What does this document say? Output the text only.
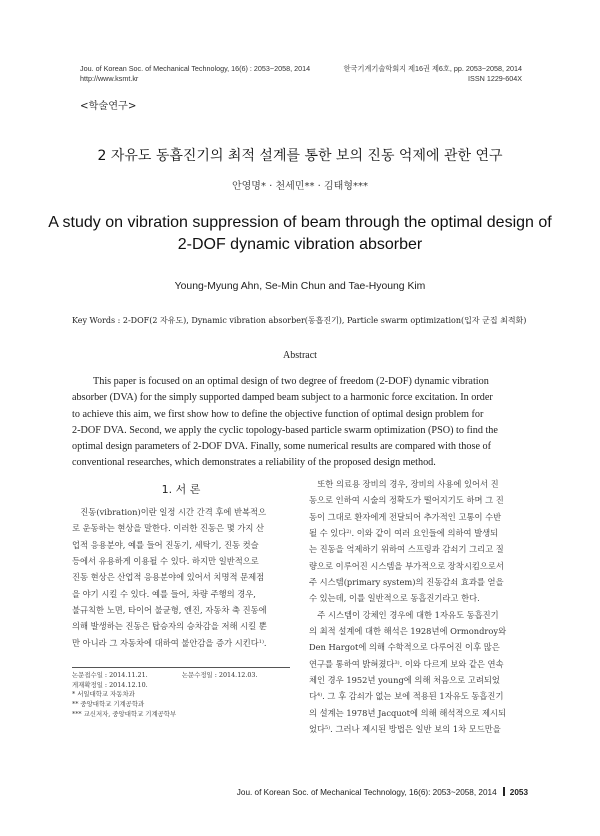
Jou. of Korean Soc. of Mechanical Technology, 16(6) : 2053~2058, 2014
http://www.ksmt.kr
한국기계기술학회지 제16권 제6호, pp. 2053~2058, 2014
ISSN 1229-604X
<학술연구>
2 자유도 동흡진기의 최적 설계를 통한 보의 진동 억제에 관한 연구
안영명* · 천세민** · 김태형***
A study on vibration suppression of beam through the optimal design of
2-DOF dynamic vibration absorber
Young-Myung Ahn, Se-Min Chun and Tae-Hyoung Kim
Key Words : 2-DOF(2 자유도), Dynamic vibration absorber(동흡진기), Particle swarm optimization(입자 군집 최적화)
Abstract
This paper is focused on an optimal design of two degree of freedom (2-DOF) dynamic vibration
absorber (DVA) for the simply supported damped beam subject to a harmonic force excitation. In order
to achieve this aim, we first show how to define the objective function of optimal design problem for
2-DOF DVA. Second, we apply the cyclic topology-based particle swarm optimization (PSO) to find the
optimal design parameters of 2-DOF DVA. Finally, some numerical results are compared with those of
conventional researches, which demonstrates a reliability of the proposed design method.
1. 서 론
진동(vibration)이란 일정 시간 간격 후에 반복적으
로 운동하는 현상을 말한다. 이러한 진동은 몇 가지 산
업적 응용분야, 예를 들어 진동기, 세탁기, 진동 컷슬
등에서 유용하게 이용될 수 있다. 하지만 일반적으로
진동 현상은 산업적 응용분야에 있어서 치명적 문제점
을 야기 시킬 수 있다. 예를 들어, 차량 주행의 경우,
불규칙한 노면, 타이어 불균형, 엔진, 자동차 축 진동에
의해 발생하는 진동은 탑승자의 승차감을 저해 시킬 뿐
만 아니라 그 자동차에 대하여 불안감을 증가 시킨다$^{1)}$.
논문접수일 : 2014.11.21.	논문수정일 : 2014.12.03.
게재확정일 : 2014.12.10.
* 서일대학교 자동차과
** 중앙대학교 기계공학과
*** 교신저자, 중앙대학교 기계공학부
또한 의료용 장비의 경우, 장비의 사용에 있어서 진
동으로 인하여 시술의 정확도가 떨어지기도 하며 그 진
동이 그대로 환자에게 전달되어 추가적인 고통이 수반
될 수 있다$^{2)}$. 이와 같이 여러 요인들에 의하여 발생되
는 진동을 억제하기 위하여 스프링과 감쇠기 그리고 질
량으로 이루어진 시스템을 부가적으로 장착시킴으로서
주 시스템(primary system)의 진동감쇠 효과를 얻을
수 있는데, 이를 일반적으로 동흡진기라고 한다.
주 시스템이 강체인 경우에 대한 1자유도 동흡진기
의 최적 설계에 대한 해석은 1928년에 Ormondroy와
Den Hargot에 의해 수학적으로 다루어진 이후 많은
연구를 통하여 밝혀졌다$^{3)}$. 이와 다르게 보와 같은 연속
체인 경우 1952년 young에 의해 처음으로 고려되었
다$^{4)}$. 그 후 감쇠가 없는 보에 적용된 1자유도 동흡진기
의 설계는 1978년 Jacquot에 의해 해석적으로 제시되
었다$^{5)}$. 그러나 제시된 방법은 일반 보의 1차 모드만을
Jou. of Korean Soc. of Mechanical Technology, 16(6): 2053~2058, 2014 2053
